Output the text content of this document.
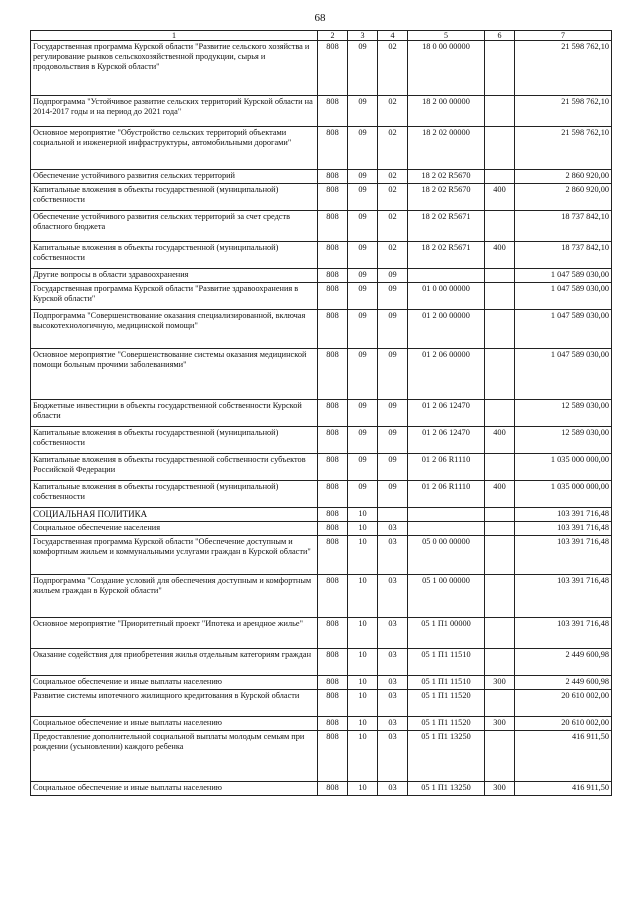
68
1	2	3	4	5	6	7
Государственная программа Курской области "Развитие сельского хозяйства и регулирование рынков сельскохозяйственной продукции, сырья и продовольствия в Курской области"	808	09	02	18 0 00 00000		21 598 762,10
Подпрограмма "Устойчивое развитие сельских территорий Курской области на 2014-2017 годы и на период до 2021 года"	808	09	02	18 2 00 00000		21 598 762,10
Основное мероприятие "Обустройство сельских территорий объектами социальной и инженерной инфраструктуры, автомобильными дорогами"	808	09	02	18 2 02 00000		21 598 762,10
Обеспечение устойчивого развития сельских территорий	808	09	02	18 2 02 R5670		2 860 920,00
Капитальные вложения в объекты государственной (муниципальной) собственности	808	09	02	18 2 02 R5670	400	2 860 920,00
Обеспечение устойчивого развития сельских территорий за счет средств областного бюджета	808	09	02	18 2 02 R5671		18 737 842,10
Капитальные вложения в объекты государственной (муниципальной) собственности	808	09	02	18 2 02 R5671	400	18 737 842,10
Другие вопросы в области здравоохранения	808	09	09			1 047 589 030,00
Государственная программа Курской области "Развитие здравоохранения в Курской области"	808	09	09	01 0 00 00000		1 047 589 030,00
Подпрограмма "Совершенствование оказания специализированной, включая высокотехнологичную, медицинской помощи"	808	09	09	01 2 00 00000		1 047 589 030,00
Основное мероприятие "Совершенствование системы оказания медицинской помощи больным прочими заболеваниями"	808	09	09	01 2 06 00000		1 047 589 030,00
Бюджетные инвестиции в объекты государственной собственности Курской области	808	09	09	01 2 06 12470		12 589 030,00
Капитальные вложения в объекты государственной (муниципальной) собственности	808	09	09	01 2 06 12470	400	12 589 030,00
Капитальные вложения в объекты государственной собственности субъектов Российской Федерации	808	09	09	01 2 06 R1110		1 035 000 000,00
Капитальные вложения в объекты государственной (муниципальной) собственности	808	09	09	01 2 06 R1110	400	1 035 000 000,00
СОЦИАЛЬНАЯ ПОЛИТИКА	808	10				103 391 716,48
Социальное обеспечение населения	808	10	03			103 391 716,48
Государственная программа Курской области "Обеспечение доступным и комфортным жильем и коммунальными услугами граждан в Курской области"	808	10	03	05 0 00 00000		103 391 716,48
Подпрограмма "Создание условий для обеспечения доступным и комфортным жильем граждан в Курской области"	808	10	03	05 1 00 00000		103 391 716,48
Основное мероприятие "Приоритетный проект "Ипотека и арендное жилье"	808	10	03	05 1 П1 00000		103 391 716,48
Оказание содействия для приобретения жилья отдельным категориям граждан	808	10	03	05 1 П1 11510		2 449 600,98
Социальное обеспечение и иные выплаты населению	808	10	03	05 1 П1 11510	300	2 449 600,98
Развитие системы ипотечного жилищного кредитования в Курской области	808	10	03	05 1 П1 11520		20 610 002,00
Социальное обеспечение и иные выплаты населению	808	10	03	05 1 П1 11520	300	20 610 002,00
Предоставление дополнительной социальной выплаты молодым семьям при рождении (усыновлении) каждого ребенка	808	10	03	05 1 П1 13250		416 911,50
Социальное обеспечение и иные выплаты населению	808	10	03	05 1 П1 13250	300	416 911,50
